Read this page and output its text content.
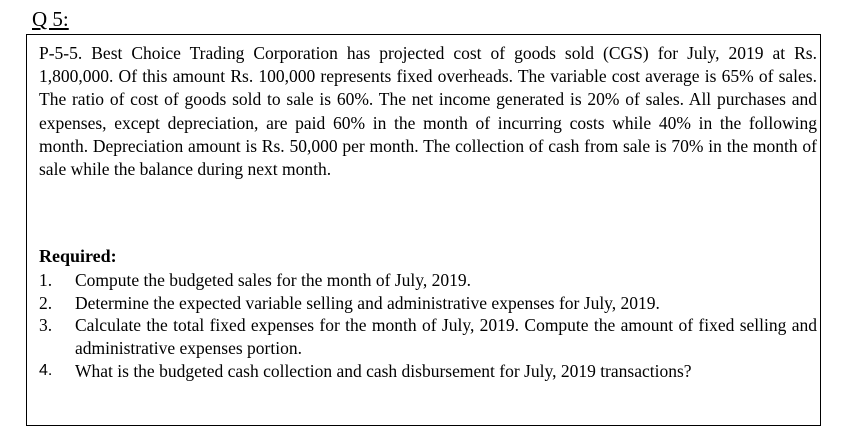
Q 5:

P-5-5. Best Choice Trading Corporation has projected cost of goods sold (CGS) for July, 2019 at Rs. 1,800,000. Of this amount Rs. 100,000 represents fixed overheads. The variable cost average is 65% of sales. The ratio of cost of goods sold to sale is 60%. The net income generated is 20% of sales. All purchases and expenses, except depreciation, are paid 60% in the month of incurring costs while 40% in the following month. Depreciation amount is Rs. 50,000 per month. The collection of cash from sale is 70% in the month of sale while the balance during next month.

Required:
1.	Compute the budgeted sales for the month of July, 2019.
2.	Determine the expected variable selling and administrative expenses for July, 2019.
3.	Calculate the total fixed expenses for the month of July, 2019. Compute the amount of fixed selling and administrative expenses portion.
4.	What is the budgeted cash collection and cash disbursement for July, 2019 transactions?
